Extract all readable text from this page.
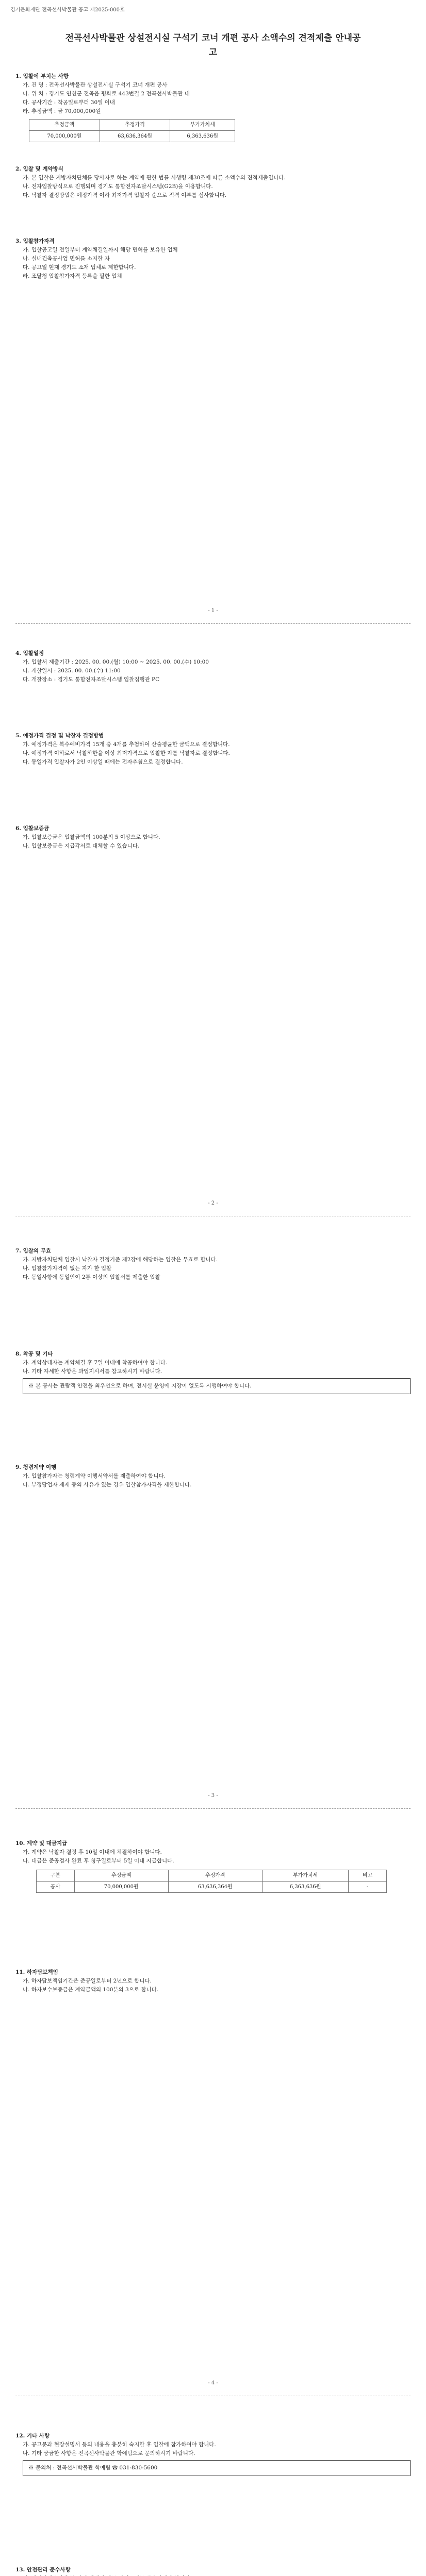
경기문화재단 전곡선사박물관 공고 제2025-000호
전곡선사박물관 상설전시실 구석기 코너 개편 공사 소액수의 견적제출 안내공고

1. 입찰에 부치는 사항

가. 건 명 : 전곡선사박물관 상설전시실 구석기 코너 개편 공사

나. 위 치 : 경기도 연천군 전곡읍 평화로 443번길 2 전곡선사박물관 내

다. 공사기간 : 착공일로부터 30일 이내

라. 추정금액 : 금 70,000,000원

추정금액	추정가격	부가가치세
70,000,000원	63,636,364원	6,363,636원

2. 입찰 및 계약방식

가. 본 입찰은 지방자치단체를 당사자로 하는 계약에 관한 법률 시행령 제30조에 따른 소액수의 견적제출입니다.

나. 전자입찰방식으로 진행되며 경기도 통합전자조달시스템(G2B)을 이용합니다.

다. 낙찰자 결정방법은 예정가격 이하 최저가격 입찰자 순으로 적격 여부를 심사합니다.

3. 입찰참가자격

가. 입찰공고일 전일부터 계약체결일까지 해당 면허를 보유한 업체

나. 실내건축공사업 면허를 소지한 자

다. 공고일 현재 경기도 소재 업체로 제한합니다.

라. 조달청 입찰참가자격 등록을 필한 업체

- 1 -

4. 입찰일정

가. 입찰서 제출기간 : 2025. 00. 00.(월) 10:00 ~ 2025. 00. 00.(수) 10:00

나. 개찰일시 : 2025. 00. 00.(수) 11:00

다. 개찰장소 : 경기도 통합전자조달시스템 입찰집행관 PC

5. 예정가격 결정 및 낙찰자 결정방법

가. 예정가격은 복수예비가격 15개 중 4개를 추첨하여 산술평균한 금액으로 결정합니다.

나. 예정가격 이하로서 낙찰하한율 이상 최저가격으로 입찰한 자를 낙찰자로 결정합니다.

다. 동일가격 입찰자가 2인 이상일 때에는 전자추첨으로 결정합니다.

6. 입찰보증금

가. 입찰보증금은 입찰금액의 100분의 5 이상으로 합니다.

나. 입찰보증금은 지급각서로 대체할 수 있습니다.

- 2 -

7. 입찰의 무효

가. 지방자치단체 입찰시 낙찰자 결정기준 제2장에 해당하는 입찰은 무효로 합니다.

나. 입찰참가자격이 없는 자가 한 입찰

다. 동일사항에 동일인이 2통 이상의 입찰서를 제출한 입찰

8. 착공 및 기타

가. 계약상대자는 계약체결 후 7일 이내에 착공하여야 합니다.

나. 기타 자세한 사항은 과업지시서를 참고하시기 바랍니다.

※ 본 공사는 관람객 안전을 최우선으로 하며, 전시실 운영에 지장이 없도록 시행하여야 합니다.

9. 청렴계약 이행

가. 입찰참가자는 청렴계약 이행서약서를 제출하여야 합니다.

나. 부정당업자 제재 등의 사유가 있는 경우 입찰참가자격을 제한합니다.

- 3 -

10. 계약 및 대금지급

가. 계약은 낙찰자 결정 후 10일 이내에 체결하여야 합니다.

나. 대금은 준공검사 완료 후 청구일로부터 5일 이내 지급합니다.

구분	추정금액	추정가격	부가가치세	비고
공사	70,000,000원	63,636,364원	6,363,636원	-

11. 하자담보책임

가. 하자담보책임기간은 준공일로부터 2년으로 합니다.

나. 하자보수보증금은 계약금액의 100분의 3으로 합니다.

- 4 -

12. 기타 사항

가. 공고문과 현장설명서 등의 내용을 충분히 숙지한 후 입찰에 참가하여야 합니다.

나. 기타 궁금한 사항은 전곡선사박물관 학예팀으로 문의하시기 바랍니다.

※ 문의처 : 전곡선사박물관 학예팀 ☎ 031-830-5600

13. 안전관리 준수사항
